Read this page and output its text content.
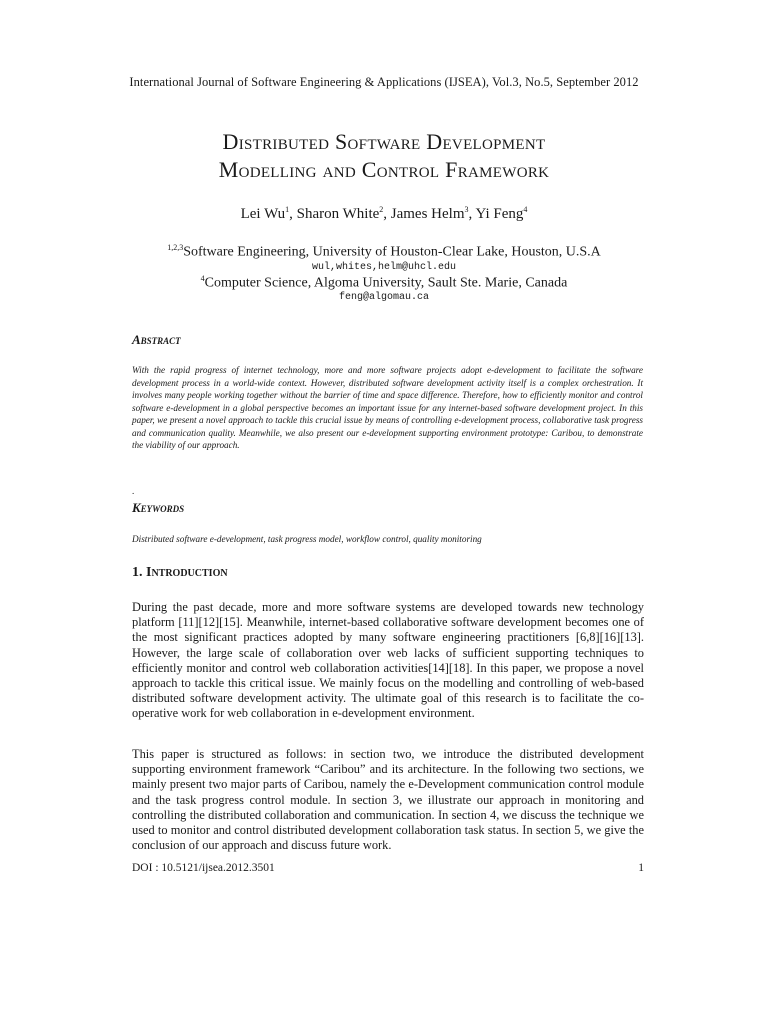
International Journal of Software Engineering & Applications (IJSEA), Vol.3, No.5, September 2012
Distributed Software Development
Modelling and Control Framework
Lei Wu$^1$, Sharon White$^2$, James Helm$^3$, Yi Feng$^4$
$^{1,2,3}$Software Engineering, University of Houston-Clear Lake, Houston, U.S.A
wul,whites,helm@uhcl.edu
$^4$Computer Science, Algoma University, Sault Ste. Marie, Canada
feng@algomau.ca
Abstract
With the rapid progress of internet technology, more and more software projects adopt e-development to facilitate the software development process in a world-wide context. However, distributed software development activity itself is a complex orchestration. It involves many people working together without the barrier of time and space difference. Therefore, how to efficiently monitor and control software e-development in a global perspective becomes an important issue for any internet-based software development project. In this paper, we present a novel approach to tackle this crucial issue by means of controlling e-development process, collaborative task progress and communication quality. Meanwhile, we also present our e-development supporting environment prototype: Caribou, to demonstrate the viability of our approach.
.
Keywords
Distributed software e-development, task progress model, workflow control, quality monitoring
1. Introduction
During the past decade, more and more software systems are developed towards new technology platform [11][12][15]. Meanwhile, internet-based collaborative software development becomes one of the most significant practices adopted by many software engineering practitioners [6,8][16][13]. However, the large scale of collaboration over web lacks of sufficient supporting techniques to efficiently monitor and control web collaboration activities[14][18]. In this paper, we propose a novel approach to tackle this critical issue. We mainly focus on the modelling and controlling of web-based distributed software development activity. The ultimate goal of this research is to facilitate the co-operative work for web collaboration in e-development environment.
This paper is structured as follows: in section two, we introduce the distributed development supporting environment framework “Caribou” and its architecture. In the following two sections, we mainly present two major parts of Caribou, namely the e-Development communication control module and the task progress control module. In section 3, we illustrate our approach in monitoring and controlling the distributed collaboration and communication. In section 4, we discuss the technique we used to monitor and control distributed development collaboration task status. In section 5, we give the conclusion of our approach and discuss future work.
DOI : 10.5121/ijsea.2012.3501	1
